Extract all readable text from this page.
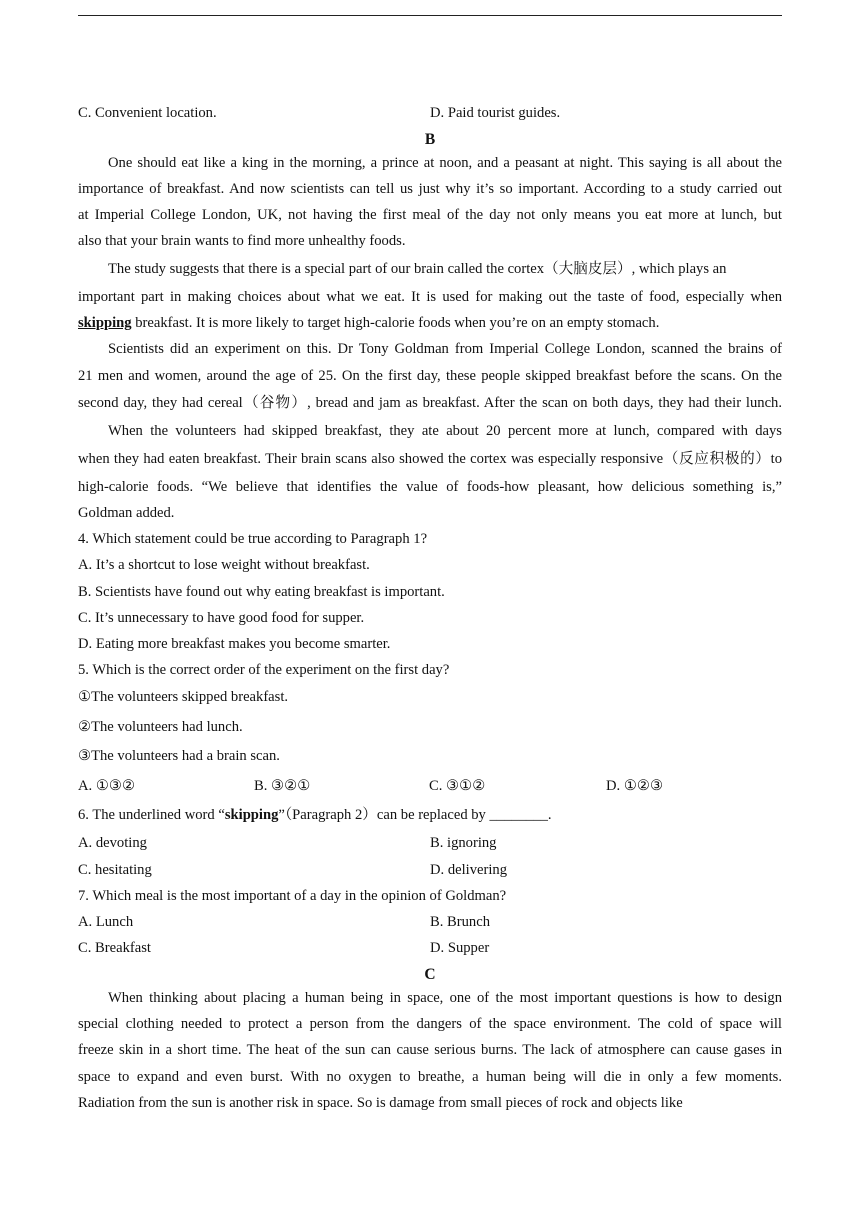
C. Convenient location.	D. Paid tourist guides.
B
One should eat like a king in the morning, a prince at noon, and a peasant at night. This saying is all about the
importance of breakfast. And now scientists can tell us just why it’s so important. According to a study carried out
at Imperial College London, UK, not having the first meal of the day not only means you eat more at lunch, but
also that your brain wants to find more unhealthy foods.
The study suggests that there is a special part of our brain called the cortex（大脑皮层）, which plays an
important part in making choices about what we eat. It is used for making out the taste of food, especially when
skipping breakfast. It is more likely to target high-calorie foods when you’re on an empty stomach.
Scientists did an experiment on this. Dr Tony Goldman from Imperial College London, scanned the brains of
21 men and women, around the age of 25. On the first day, these people skipped breakfast before the scans. On the
second day, they had cereal（谷物）, bread and jam as breakfast. After the scan on both days, they had their lunch.
When the volunteers had skipped breakfast, they ate about 20 percent more at lunch, compared with days
when they had eaten breakfast. Their brain scans also showed the cortex was especially responsive（反应积极的）to
high-calorie foods. “We believe that identifies the value of foods-how pleasant, how delicious something is,”
Goldman added.
4. Which statement could be true according to Paragraph 1?
A. It’s a shortcut to lose weight without breakfast.
B. Scientists have found out why eating breakfast is important.
C. It’s unnecessary to have good food for supper.
D. Eating more breakfast makes you become smarter.
5. Which is the correct order of the experiment on the first day?
①The volunteers skipped breakfast.
②The volunteers had lunch.
③The volunteers had a brain scan.
A. ①③②	B. ③②①	C. ③①②	D. ①②③
6. The underlined word “skipping”（Paragraph 2）can be replaced by ________.
A. devoting	B. ignoring
C. hesitating	D. delivering
7. Which meal is the most important of a day in the opinion of Goldman?
A. Lunch	B. Brunch
C. Breakfast	D. Supper
C
When thinking about placing a human being in space, one of the most important questions is how to design
special clothing needed to protect a person from the dangers of the space environment. The cold of space will
freeze skin in a short time. The heat of the sun can cause serious burns. The lack of atmosphere can cause gases in
space to expand and even burst. With no oxygen to breathe, a human being will die in only a few moments.
Radiation from the sun is another risk in space. So is damage from small pieces of rock and objects like
